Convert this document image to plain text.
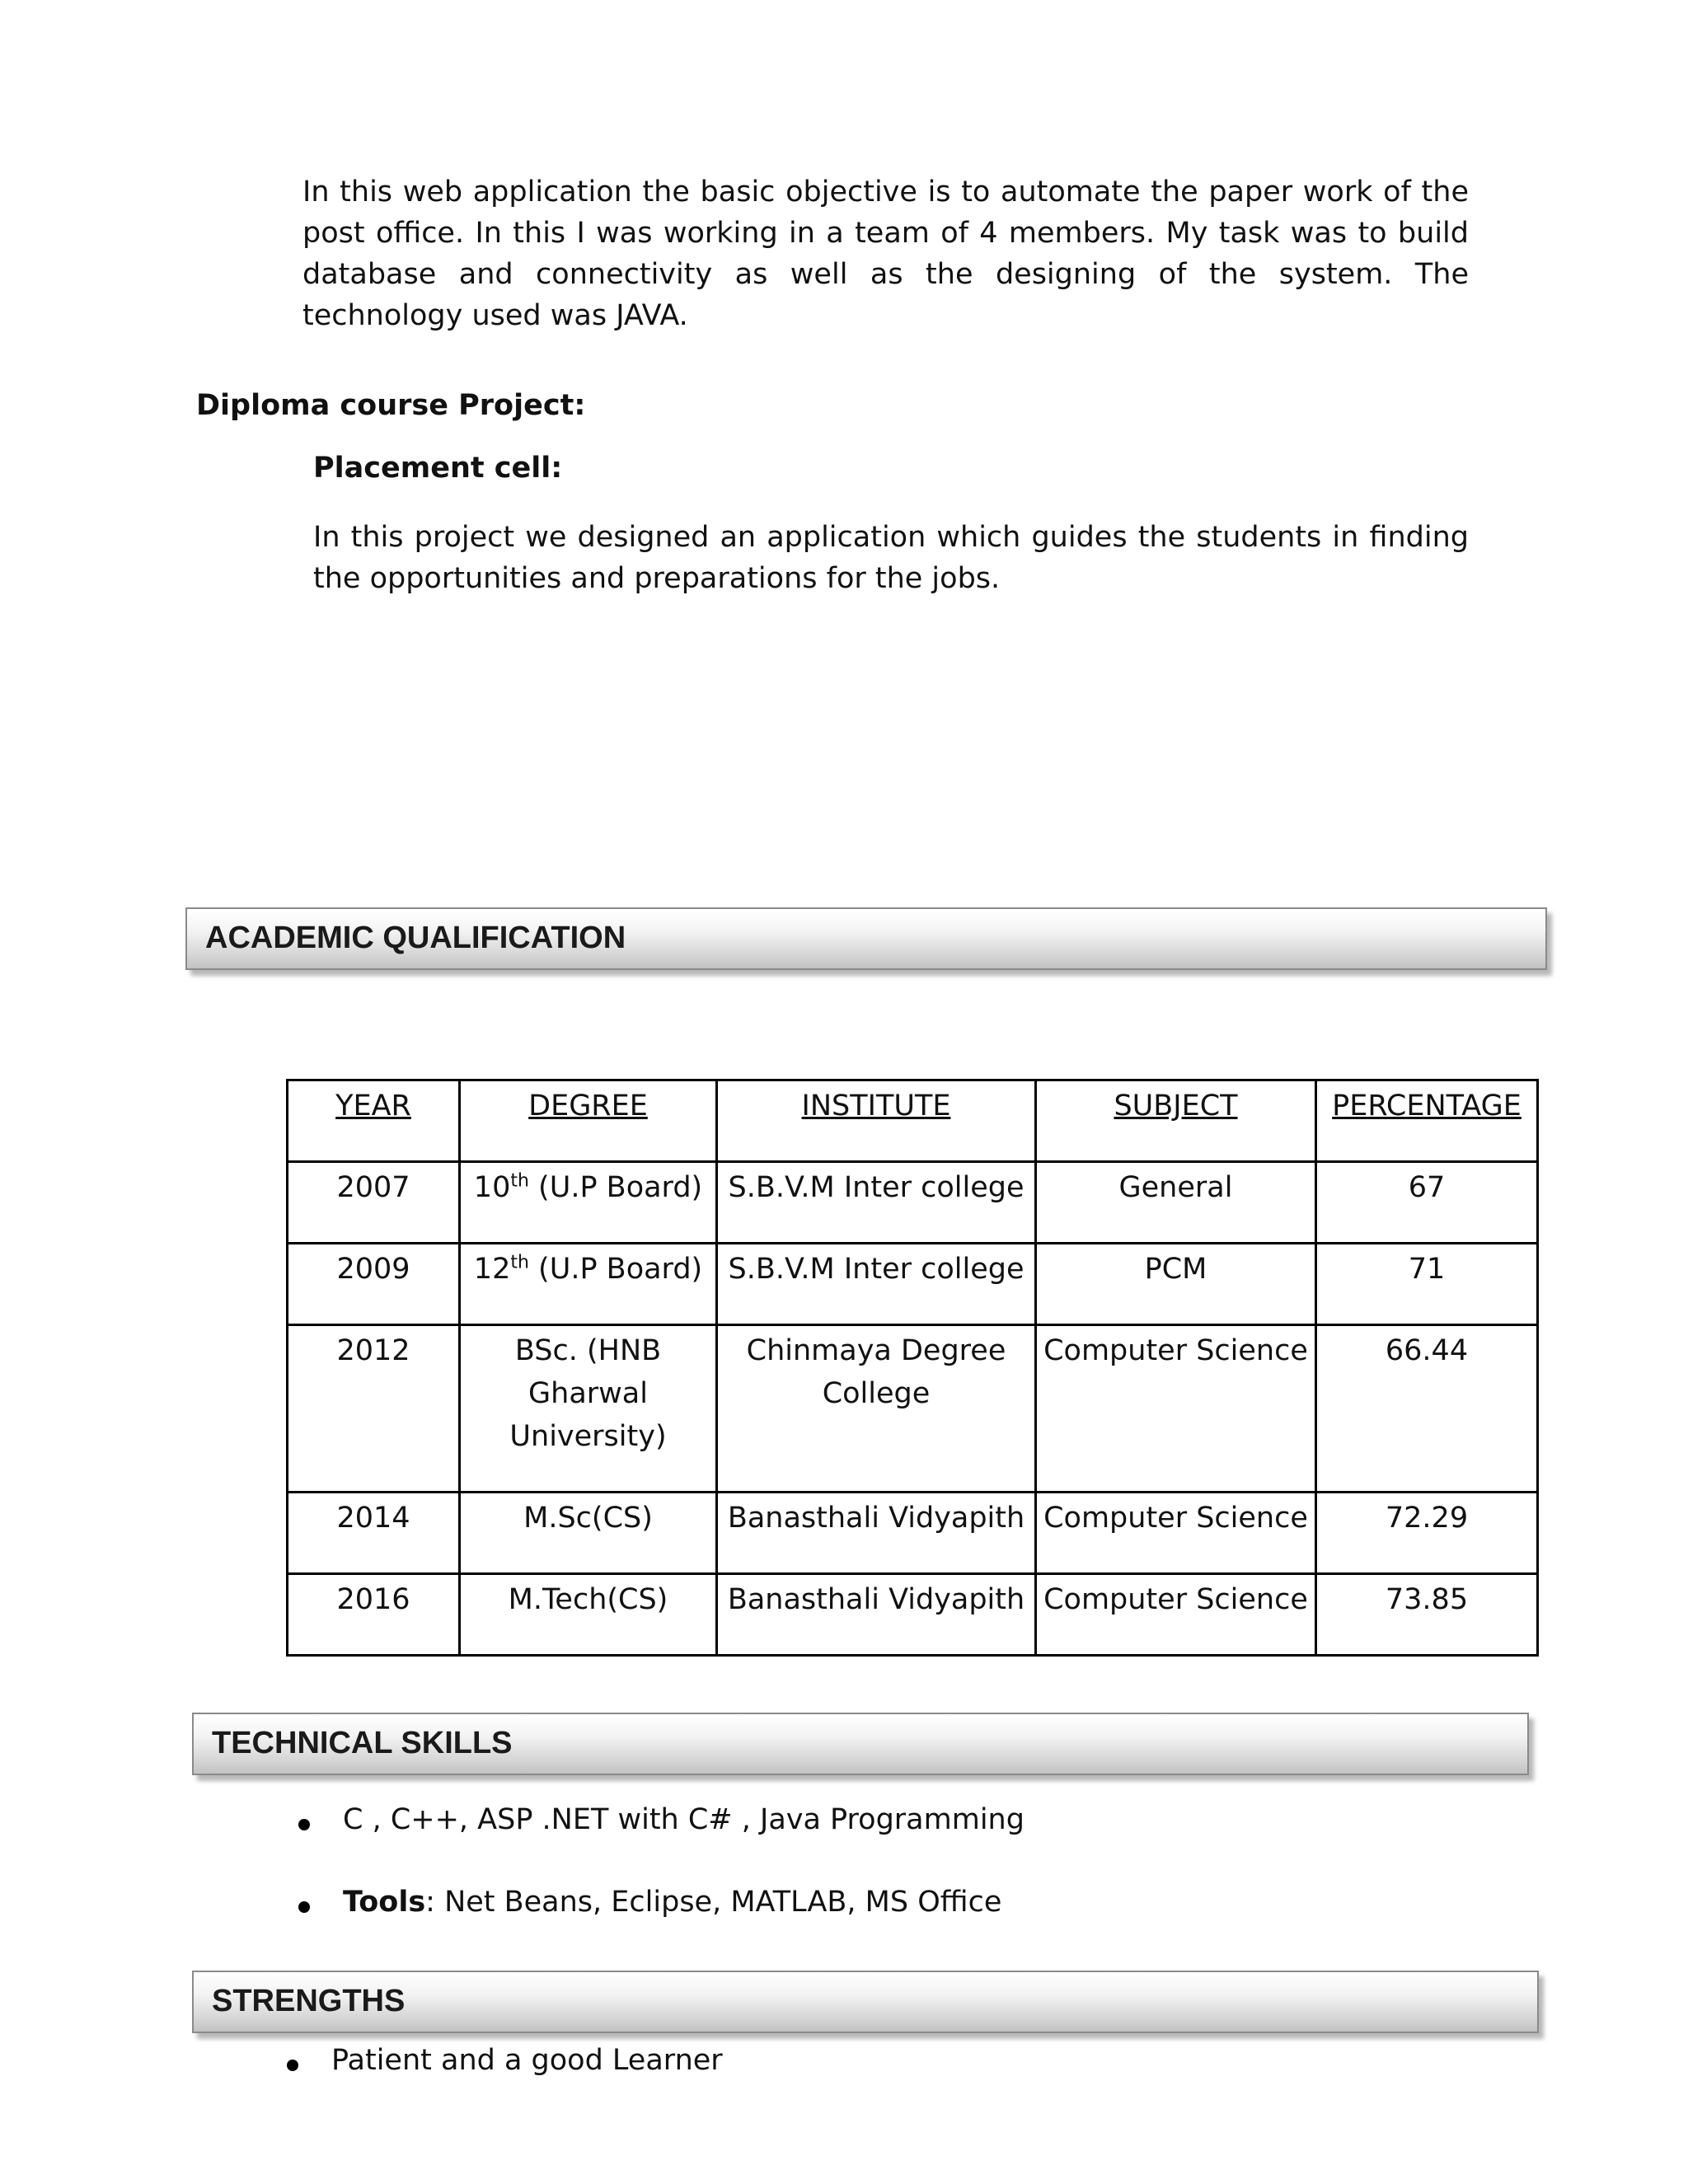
In this web application the basic objective is to automate the paper work of the post office. In this I was working in a team of 4 members. My task was to build database and connectivity as well as the designing of the system. The technology used was JAVA.

Diploma course Project:

Placement cell:

In this project we designed an application which guides the students in finding the opportunities and preparations for the jobs.

ACADEMIC QUALIFICATION
YEAR	DEGREE	INSTITUTE	SUBJECT	PERCENTAGE
2007	10th (U.P Board)	S.B.V.M Inter college	General	67
2009	12th (U.P Board)	S.B.V.M Inter college	PCM	71
2012	BSc. (HNB Gharwal University)	Chinmaya Degree College	Computer Science	66.44
2014	M.Sc(CS)	Banasthali Vidyapith	Computer Science	72.29
2016	M.Tech(CS)	Banasthali Vidyapith	Computer Science	73.85
TECHNICAL SKILLS
C , C++, ASP .NET with C# , Java Programming
Tools: Net Beans, Eclipse, MATLAB, MS Office
STRENGTHS
Patient and a good Learner
